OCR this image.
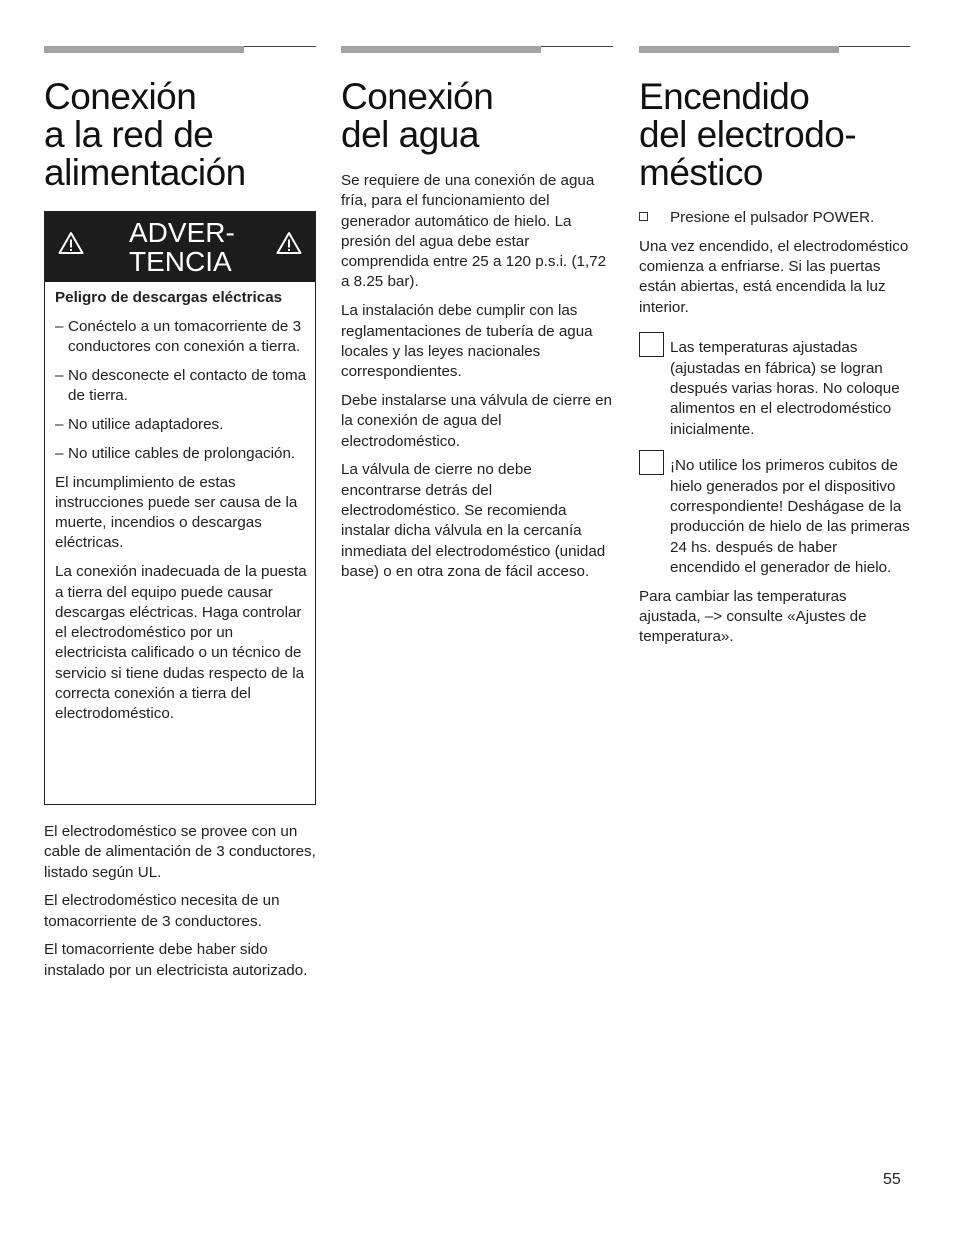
Conexión
a la red de
alimentación
ADVER-
TENCIA

Peligro de descargas eléctricas

– Conéctelo a un tomacorriente de 3 conductores con conexión a tierra.

– No desconecte el contacto de toma de tierra.

– No utilice adaptadores.

– No utilice cables de prolongación.

El incumplimiento de estas instrucciones puede ser causa de la muerte, incendios o descargas eléctricas.

La conexión inadecuada de la puesta a tierra del equipo puede causar descargas eléctricas. Haga controlar el electrodoméstico por un electricista calificado o un técnico de servicio si tiene dudas respecto de la correcta conexión a tierra del electrodoméstico.

El electrodoméstico se provee con un cable de alimentación de 3 conductores, listado según UL.

El electrodoméstico necesita de un tomacorriente de 3 conductores.

El tomacorriente debe haber sido instalado por un electricista autorizado.

Conexión
del agua

Se requiere de una conexión de agua fría, para el funcionamiento del generador automático de hielo. La presión del agua debe estar comprendida entre 25 a 120 p.s.i. (1,72 a 8.25 bar).

La instalación debe cumplir con las reglamentaciones de tubería de agua locales y las leyes nacionales correspondientes.

Debe instalarse una válvula de cierre en la conexión de agua del electrodoméstico.

La válvula de cierre no debe encontrarse detrás del electrodoméstico. Se recomienda instalar dicha válvula en la cercanía inmediata del electrodoméstico (unidad base) o en otra zona de fácil acceso.

Encendido
del electrodo-
méstico

Presione el pulsador POWER.

Una vez encendido, el electrodoméstico comienza a enfriarse. Si las puertas están abiertas, está encendida la luz interior.

Las temperaturas ajustadas (ajustadas en fábrica) se logran después varias horas. No coloque alimentos en el electrodoméstico inicialmente.

¡No utilice los primeros cubitos de hielo generados por el dispositivo correspondiente! Deshágase de la producción de hielo de las primeras 24 hs. después de haber encendido el generador de hielo.

Para cambiar las temperaturas ajustada, –> consulte «Ajustes de temperatura».

55
